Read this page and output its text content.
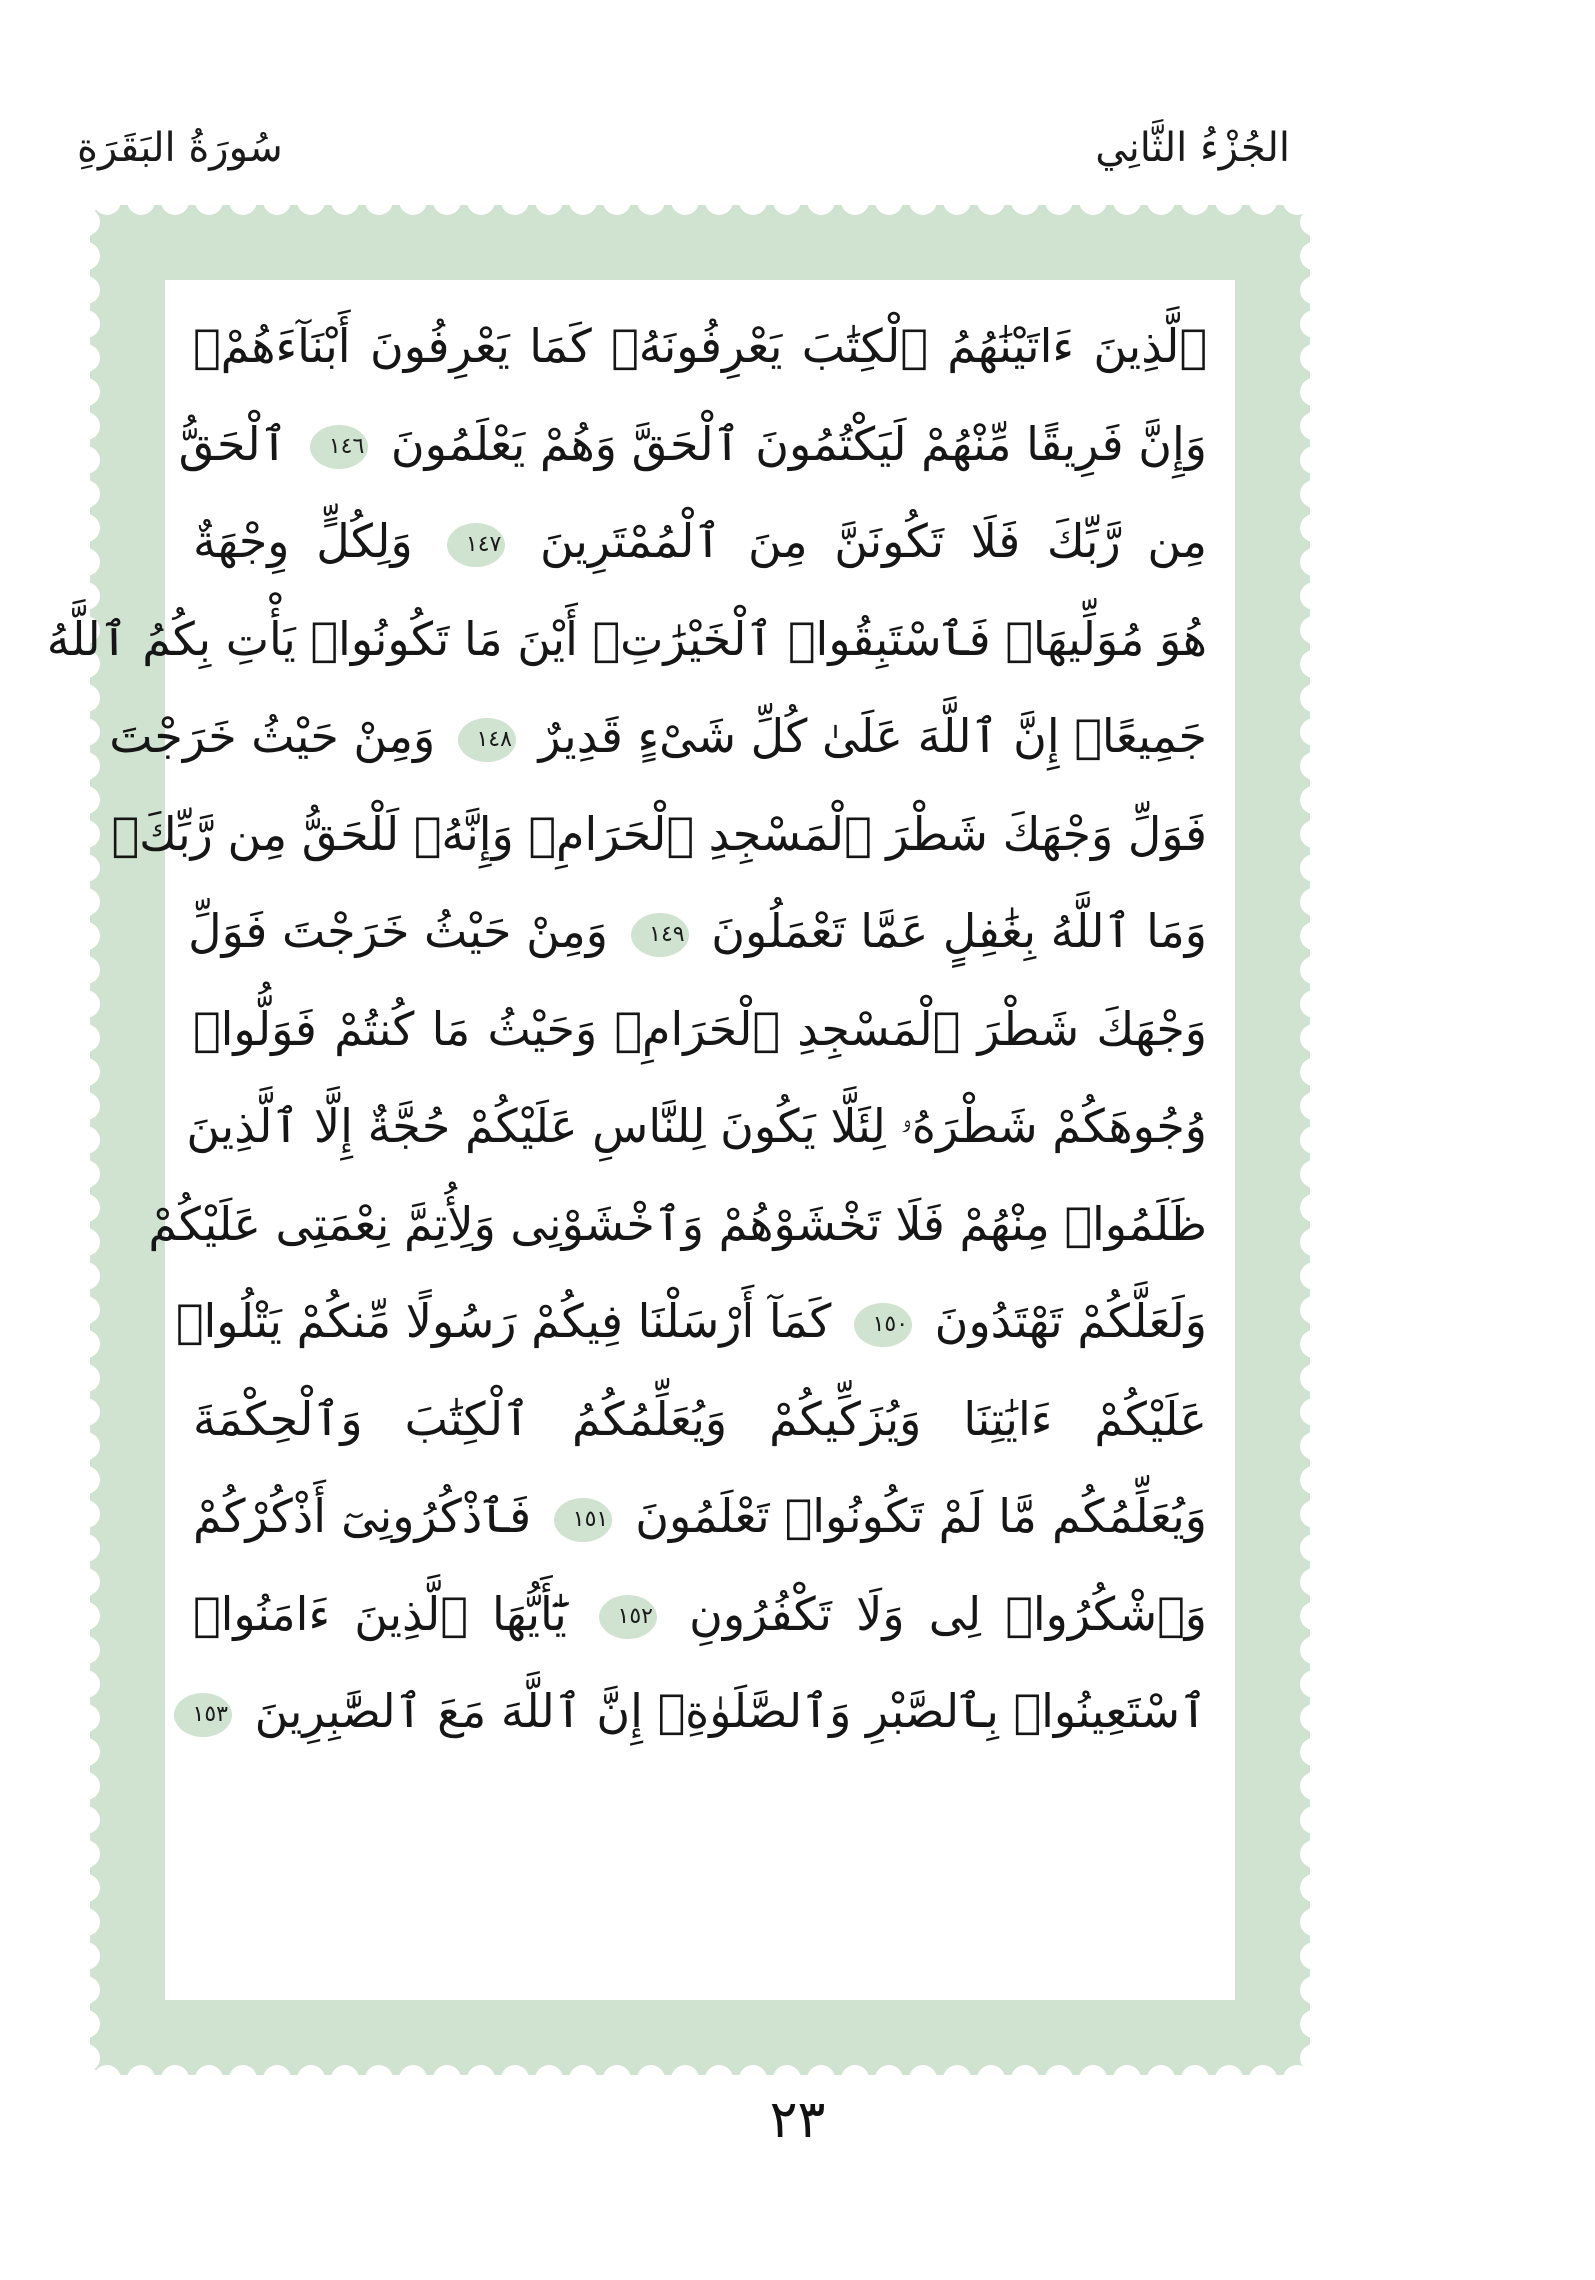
الجُزْءُ الثَّانِي
سُورَةُ البَقَرَةِ
ٱلَّذِينَ ءَاتَيْنَٰهُمُ ٱلْكِتَٰبَ يَعْرِفُونَهُۥ كَمَا يَعْرِفُونَ أَبْنَآءَهُمْۖ
وَإِنَّ فَرِيقًا مِّنْهُمْ لَيَكْتُمُونَ ٱلْحَقَّ وَهُمْ يَعْلَمُونَ ١٤٦ ٱلْحَقُّ
مِن رَّبِّكَ فَلَا تَكُونَنَّ مِنَ ٱلْمُمْتَرِينَ ١٤٧ وَلِكُلٍّ وِجْهَةٌ
هُوَ مُوَلِّيهَاۖ فَٱسْتَبِقُوا۟ ٱلْخَيْرَٰتِۚ أَيْنَ مَا تَكُونُوا۟ يَأْتِ بِكُمُ ٱللَّهُ
جَمِيعًاۚ إِنَّ ٱللَّهَ عَلَىٰ كُلِّ شَىْءٍ قَدِيرٌ ١٤٨ وَمِنْ حَيْثُ خَرَجْتَ
فَوَلِّ وَجْهَكَ شَطْرَ ٱلْمَسْجِدِ ٱلْحَرَامِۖ وَإِنَّهُۥ لَلْحَقُّ مِن رَّبِّكَۗ
وَمَا ٱللَّهُ بِغَٰفِلٍ عَمَّا تَعْمَلُونَ ١٤٩ وَمِنْ حَيْثُ خَرَجْتَ فَوَلِّ
وَجْهَكَ شَطْرَ ٱلْمَسْجِدِ ٱلْحَرَامِۚ وَحَيْثُ مَا كُنتُمْ فَوَلُّوا۟
وُجُوهَكُمْ شَطْرَهُۥ لِئَلَّا يَكُونَ لِلنَّاسِ عَلَيْكُمْ حُجَّةٌ إِلَّا ٱلَّذِينَ
ظَلَمُوا۟ مِنْهُمْ فَلَا تَخْشَوْهُمْ وَٱخْشَوْنِى وَلِأُتِمَّ نِعْمَتِى عَلَيْكُمْ
وَلَعَلَّكُمْ تَهْتَدُونَ ١٥٠ كَمَآ أَرْسَلْنَا فِيكُمْ رَسُولًا مِّنكُمْ يَتْلُوا۟
عَلَيْكُمْ ءَايَٰتِنَا وَيُزَكِّيكُمْ وَيُعَلِّمُكُمُ ٱلْكِتَٰبَ وَٱلْحِكْمَةَ
وَيُعَلِّمُكُم مَّا لَمْ تَكُونُوا۟ تَعْلَمُونَ ١٥١ فَٱذْكُرُونِىٓ أَذْكُرْكُمْ
وَٱشْكُرُوا۟ لِى وَلَا تَكْفُرُونِ ١٥٢ يَٰٓأَيُّهَا ٱلَّذِينَ ءَامَنُوا۟
ٱسْتَعِينُوا۟ بِٱلصَّبْرِ وَٱلصَّلَوٰةِۚ إِنَّ ٱللَّهَ مَعَ ٱلصَّٰبِرِينَ ١٥٣
٢٣
